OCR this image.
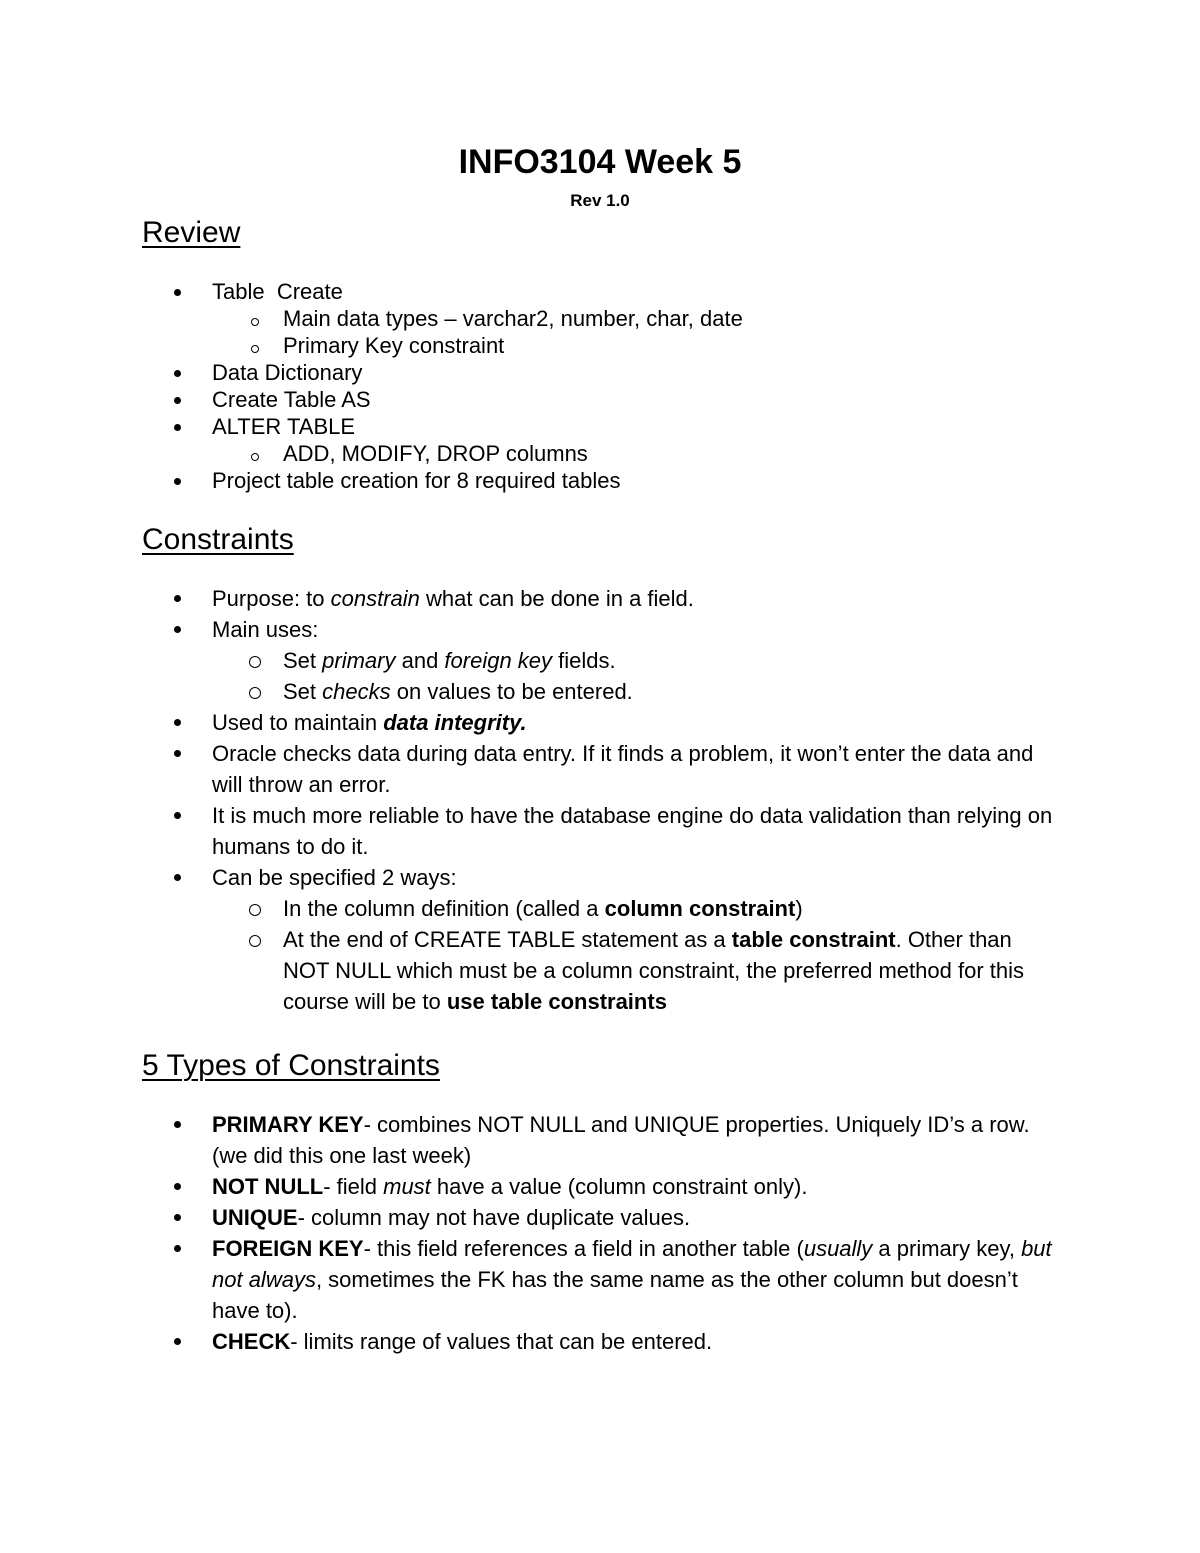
INFO3104 Week 5
Rev 1.0
Review
Table  Create
Main data types – varchar2, number, char, date
Primary Key constraint
Data Dictionary
Create Table AS
ALTER TABLE
ADD, MODIFY, DROP columns
Project table creation for 8 required tables
Constraints
Purpose: to constrain what can be done in a field.
Main uses:
Set primary and foreign key fields.
Set checks on values to be entered.
Used to maintain data integrity.
Oracle checks data during data entry. If it finds a problem, it won’t enter the data and will throw an error.
It is much more reliable to have the database engine do data validation than relying on humans to do it.
Can be specified 2 ways:
In the column definition (called a column constraint)
At the end of CREATE TABLE statement as a table constraint. Other than NOT NULL which must be a column constraint, the preferred method for this course will be to use table constraints
5 Types of Constraints
PRIMARY KEY- combines NOT NULL and UNIQUE properties. Uniquely ID’s a row. (we did this one last week)
NOT NULL- field must have a value (column constraint only).
UNIQUE- column may not have duplicate values.
FOREIGN KEY- this field references a field in another table (usually a primary key, but not always, sometimes the FK has the same name as the other column but doesn’t have to).
CHECK- limits range of values that can be entered.
